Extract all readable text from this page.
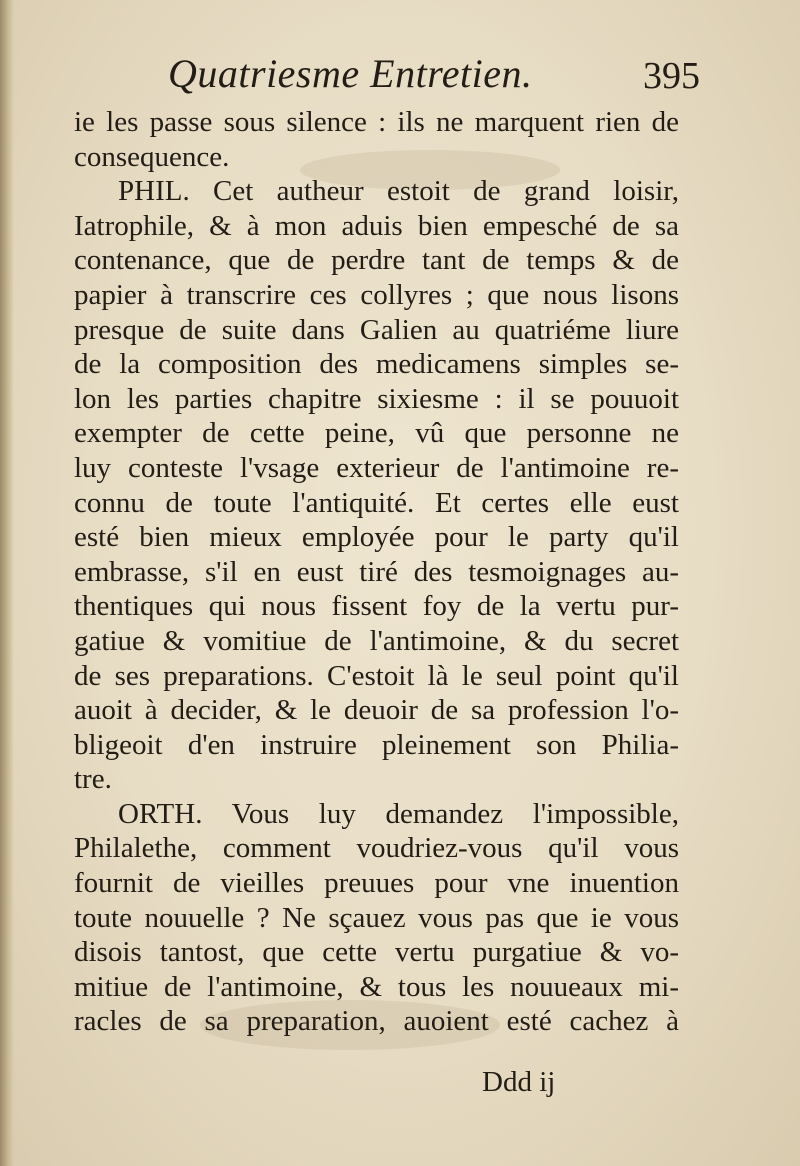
Quatriesme Entretien.	395
ie les passe sous silence : ils ne marquent rien de
consequence.
PHIL. Cet autheur estoit de grand loisir,
Iatrophile, & à mon aduis bien empesché de sa
contenance, que de perdre tant de temps & de
papier à transcrire ces collyres ; que nous lisons
presque de suite dans Galien au quatriéme liure
de la composition des medicamens simples se-
lon les parties chapitre sixiesme : il se pouuoit
exempter de cette peine, vû que personne ne
luy conteste l'vsage exterieur de l'antimoine re-
connu de toute l'antiquité. Et certes elle eust
esté bien mieux employée pour le party qu'il
embrasse, s'il en eust tiré des tesmoignages au-
thentiques qui nous fissent foy de la vertu pur-
gatiue & vomitiue de l'antimoine, & du secret
de ses preparations. C'estoit là le seul point qu'il
auoit à decider, & le deuoir de sa profession l'o-
bligeoit d'en instruire pleinement son Philia-
tre.
ORTH. Vous luy demandez l'impossible,
Philalethe, comment voudriez-vous qu'il vous
fournit de vieilles preuues pour vne inuention
toute nouuelle ? Ne sçauez vous pas que ie vous
disois tantost, que cette vertu purgatiue & vo-
mitiue de l'antimoine, & tous les nouueaux mi-
racles de sa preparation, auoient esté cachez à
Ddd ij
